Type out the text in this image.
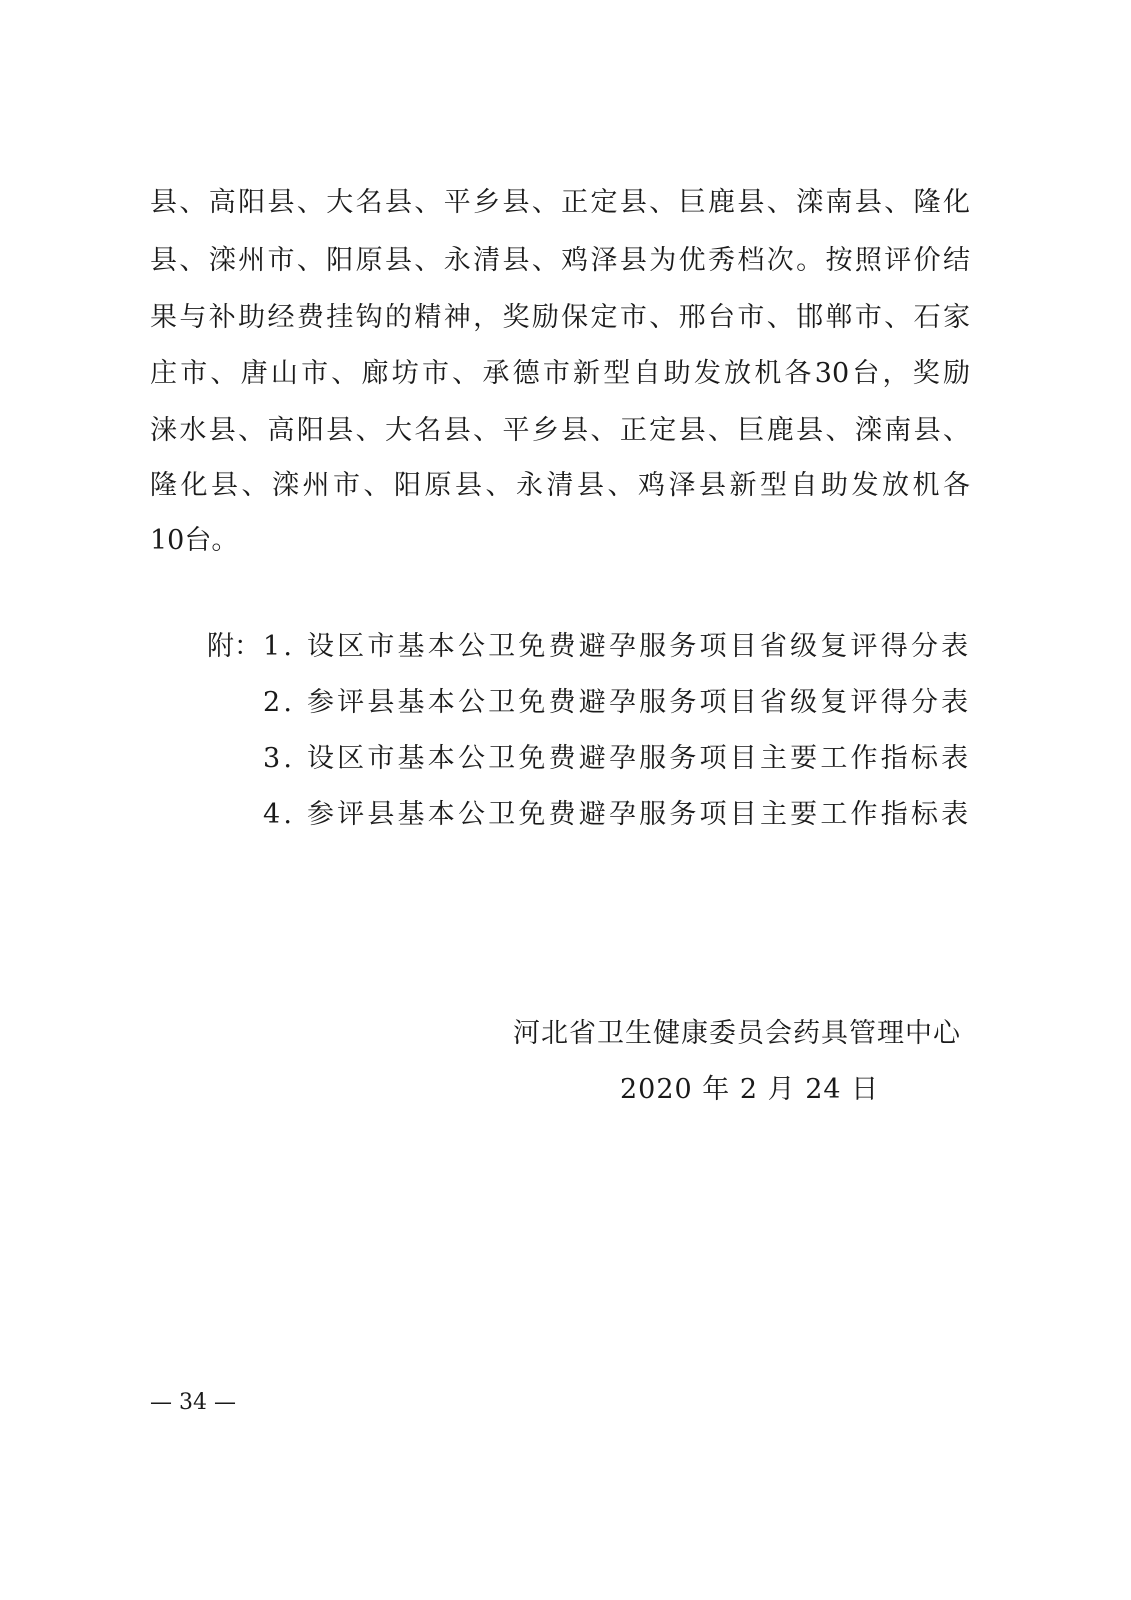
县、高阳县、大名县、平乡县、正定县、巨鹿县、滦南县、隆化
县、滦州市、阳原县、永清县、鸡泽县为优秀档次。按照评价结
果与补助经费挂钩的精神，奖励保定市、邢台市、邯郸市、石家
庄市、唐山市、廊坊市、承德市新型自助发放机各30台，奖励
涞水县、高阳县、大名县、平乡县、正定县、巨鹿县、滦南县、
隆化县、滦州市、阳原县、永清县、鸡泽县新型自助发放机各
10台。
附： 1. 设区市基本公卫免费避孕服务项目省级复评得分表
2. 参评县基本公卫免费避孕服务项目省级复评得分表
3. 设区市基本公卫免费避孕服务项目主要工作指标表
4. 参评县基本公卫免费避孕服务项目主要工作指标表
河北省卫生健康委员会药具管理中心
2020 年 2 月 24 日
— 34 —
